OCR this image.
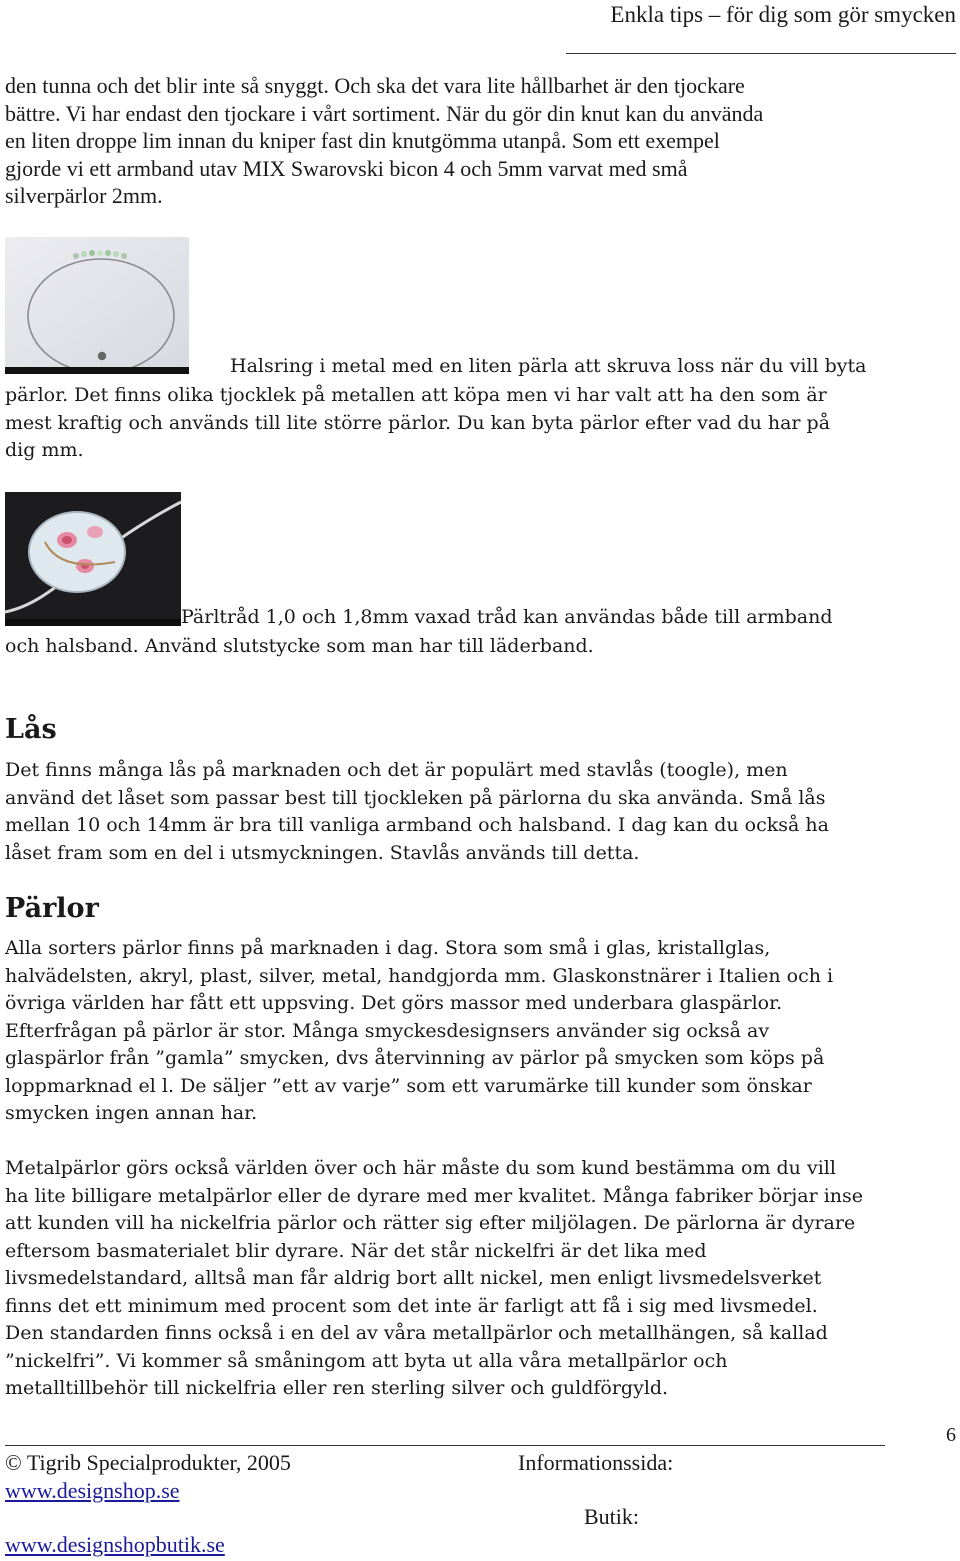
Enkla tips – för dig som gör smycken
den tunna och det blir inte så snyggt. Och ska det vara lite hållbarhet är den tjockare
bättre. Vi har endast den tjockare i vårt sortiment. När du gör din knut kan du använda
en liten droppe lim innan du kniper fast din knutgömma utanpå. Som ett exempel
gjorde vi ett armband utav MIX Swarovski bicon 4 och 5mm varvat med små
silverpärlor 2mm.
Halsring i metal med en liten pärla att skruva loss när du vill byta
pärlor. Det finns olika tjocklek på metallen att köpa men vi har valt att ha den som är
mest kraftig och används till lite större pärlor. Du kan byta pärlor efter vad du har på
dig mm.
Pärltråd 1,0 och 1,8mm vaxad tråd kan användas både till armband
och halsband. Använd slutstycke som man har till läderband.
Lås
Det finns många lås på marknaden och det är populärt med stavlås (toogle), men
använd det låset som passar best till tjockleken på pärlorna du ska använda. Små lås
mellan 10 och 14mm är bra till vanliga armband och halsband. I dag kan du också ha
låset fram som en del i utsmyckningen. Stavlås används till detta.
Pärlor
Alla sorters pärlor finns på marknaden i dag. Stora som små i glas, kristallglas,
halvädelsten, akryl, plast, silver, metal, handgjorda mm. Glaskonstnärer i Italien och i
övriga världen har fått ett uppsving. Det görs massor med underbara glaspärlor.
Efterfrågan på pärlor är stor. Många smyckesdesignsers använder sig också av
glaspärlor från ”gamla” smycken, dvs återvinning av pärlor på smycken som köps på
loppmarknad el l. De säljer ”ett av varje” som ett varumärke till kunder som önskar
smycken ingen annan har.
Metalpärlor görs också världen över och här måste du som kund bestämma om du vill
ha lite billigare metalpärlor eller de dyrare med mer kvalitet. Många fabriker börjar inse
att kunden vill ha nickelfria pärlor och rätter sig efter miljölagen. De pärlorna är dyrare
eftersom basmaterialet blir dyrare. När det står nickelfri är det lika med
livsmedelstandard, alltså man får aldrig bort allt nickel, men enligt livsmedelsverket
finns det ett minimum med procent som det inte är farligt att få i sig med livsmedel.
Den standarden finns också i en del av våra metallpärlor och metallhängen, så kallad
”nickelfri”. Vi kommer så småningom att byta ut alla våra metallpärlor och
metalltillbehör till nickelfria eller ren sterling silver och guldförgyld.
6
© Tigrib Specialprodukter, 2005	Informationssida:
www.designshop.se
Butik:
www.designshopbutik.se
